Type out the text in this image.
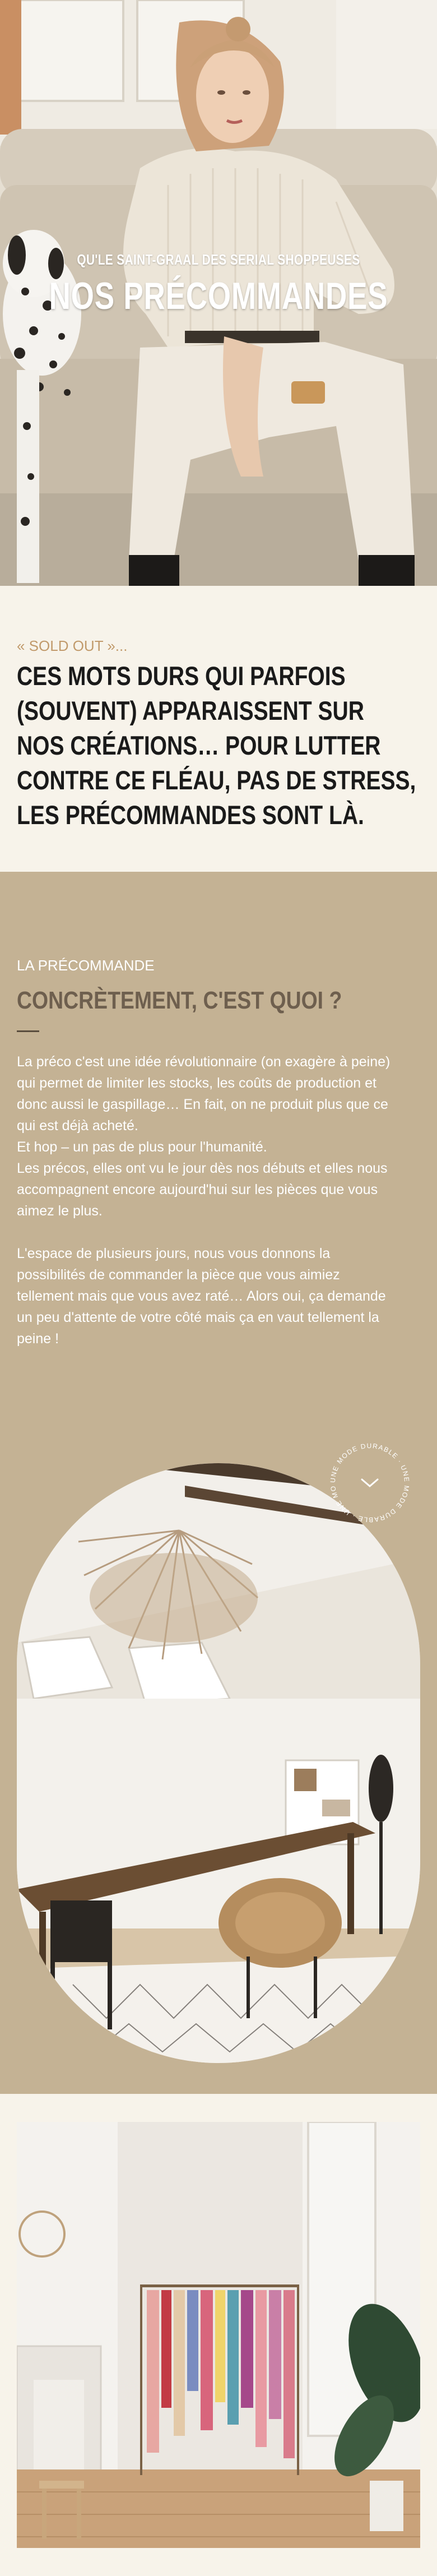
QU'LE SAINT-GRAAL DES SERIAL SHOPPEUSES
NOS PRÉCOMMANDES
« SOLD OUT »...
CES MOTS DURS QUI PARFOIS (SOUVENT) APPARAISSENT SUR NOS CRÉATIONS… POUR LUTTER CONTRE CE FLÉAU, PAS DE STRESS, LES PRÉCOMMANDES SONT LÀ.
LA PRÉCOMMANDE
CONCRÈTEMENT, C'EST QUOI ?

La préco c'est une idée révolutionnaire (on exagère à peine) qui permet de limiter les stocks, les coûts de production et donc aussi le gaspillage… En fait, on ne produit plus que ce qui est déjà acheté.

Et hop – un pas de plus pour l'humanité.

Les précos, elles ont vu le jour dès nos débuts et elles nous accompagnent encore aujourd'hui sur les pièces que vous aimez le plus.

L'espace de plusieurs jours, nous vous donnons la possibilités de commander la pièce que vous aimiez tellement mais que vous avez raté… Alors oui, ça demande un peu d'attente de votre côté mais ça en vaut tellement la peine !

UNE MODE DURABLE · UNE MODE DURABLE · UNE MO
